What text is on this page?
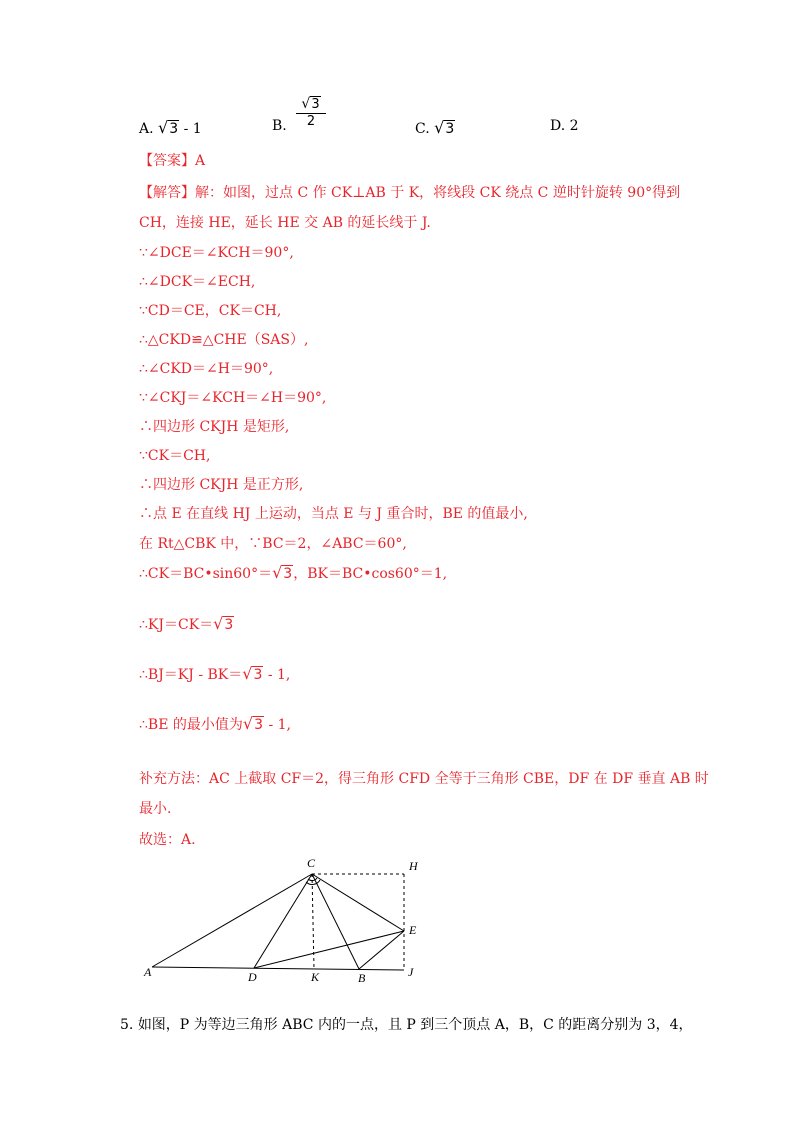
A. √3 - 1	B. $\frac{√3}{2}$	C. √3	D. 2
【答案】A
【解答】解：如图，过点 C 作 CK⊥AB 于 K，将线段 CK 绕点 C 逆时针旋转 90°得到
CH，连接 HE，延长 HE 交 AB 的延长线于 J.
∵∠DCE＝∠KCH＝90°,
∴∠DCK＝∠ECH,
∵CD＝CE，CK＝CH,
∴△CKD≌△CHE（SAS）,
∴∠CKD＝∠H＝90°,
∵∠CKJ＝∠KCH＝∠H＝90°,
∴四边形 CKJH 是矩形,
∵CK＝CH,
∴四边形 CKJH 是正方形,
∴点 E 在直线 HJ 上运动，当点 E 与 J 重合时，BE 的值最小,
在 Rt△CBK 中，∵BC＝2，∠ABC＝60°,
∴CK＝BC•sin60°＝√3，BK＝BC•cos60°＝1,
∴KJ＝CK＝√3
∴BJ＝KJ - BK＝√3 - 1,
∴BE 的最小值为√3 - 1,
补充方法：AC 上截取 CF＝2，得三角形 CFD 全等于三角形 CBE，DF 在 DF 垂直 AB 时
最小.
故选：A.
C	H
E
A	D	K	B	J
5. 如图，P 为等边三角形 ABC 内的一点，且 P 到三个顶点 A，B，C 的距离分别为 3，4，
